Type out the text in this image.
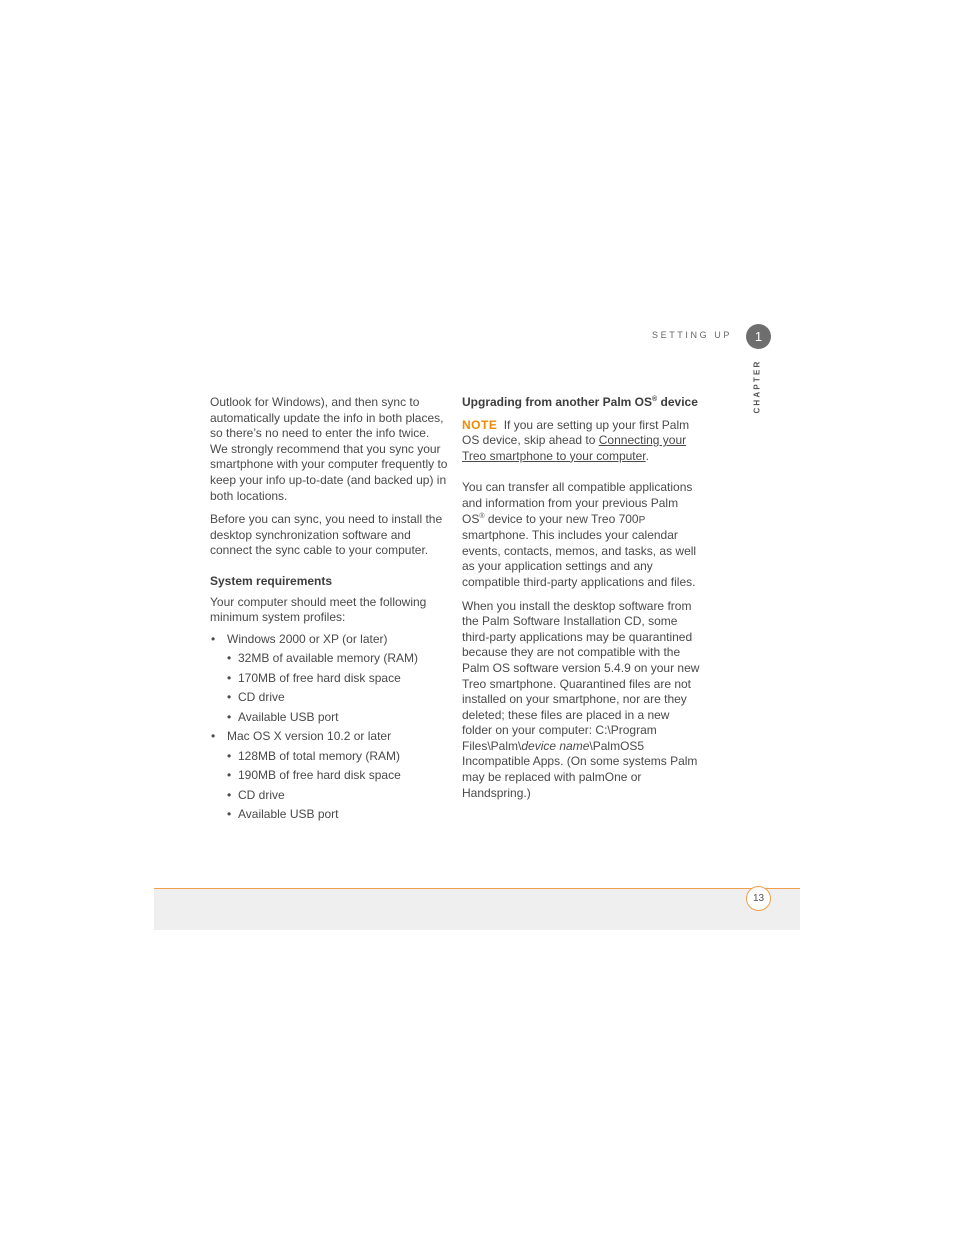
SETTING UP	1
CHAPTER

Outlook for Windows), and then sync to automatically update the info in both places, so there’s no need to enter the info twice. We strongly recommend that you sync your smartphone with your computer frequently to keep your info up-to-date (and backed up) in both locations.

Before you can sync, you need to install the desktop synchronization software and connect the sync cable to your computer.

System requirements

Your computer should meet the following minimum system profiles:

• Windows 2000 or XP (or later)
• 32MB of available memory (RAM)
• 170MB of free hard disk space
• CD drive
• Available USB port
• Mac OS X version 10.2 or later
• 128MB of total memory (RAM)
• 190MB of free hard disk space
• CD drive
• Available USB port

Upgrading from another Palm OS® device

NOTE If you are setting up your first Palm OS device, skip ahead to Connecting your Treo smartphone to your computer.

You can transfer all compatible applications and information from your previous Palm OS® device to your new Treo 700P smartphone. This includes your calendar events, contacts, memos, and tasks, as well as your application settings and any compatible third-party applications and files.

When you install the desktop software from the Palm Software Installation CD, some third-party applications may be quarantined because they are not compatible with the Palm OS software version 5.4.9 on your new Treo smartphone. Quarantined files are not installed on your smartphone, nor are they deleted; these files are placed in a new folder on your computer: C:\Program Files\Palm\device name\PalmOS5 Incompatible Apps. (On some systems Palm may be replaced with palmOne or Handspring.)

13
